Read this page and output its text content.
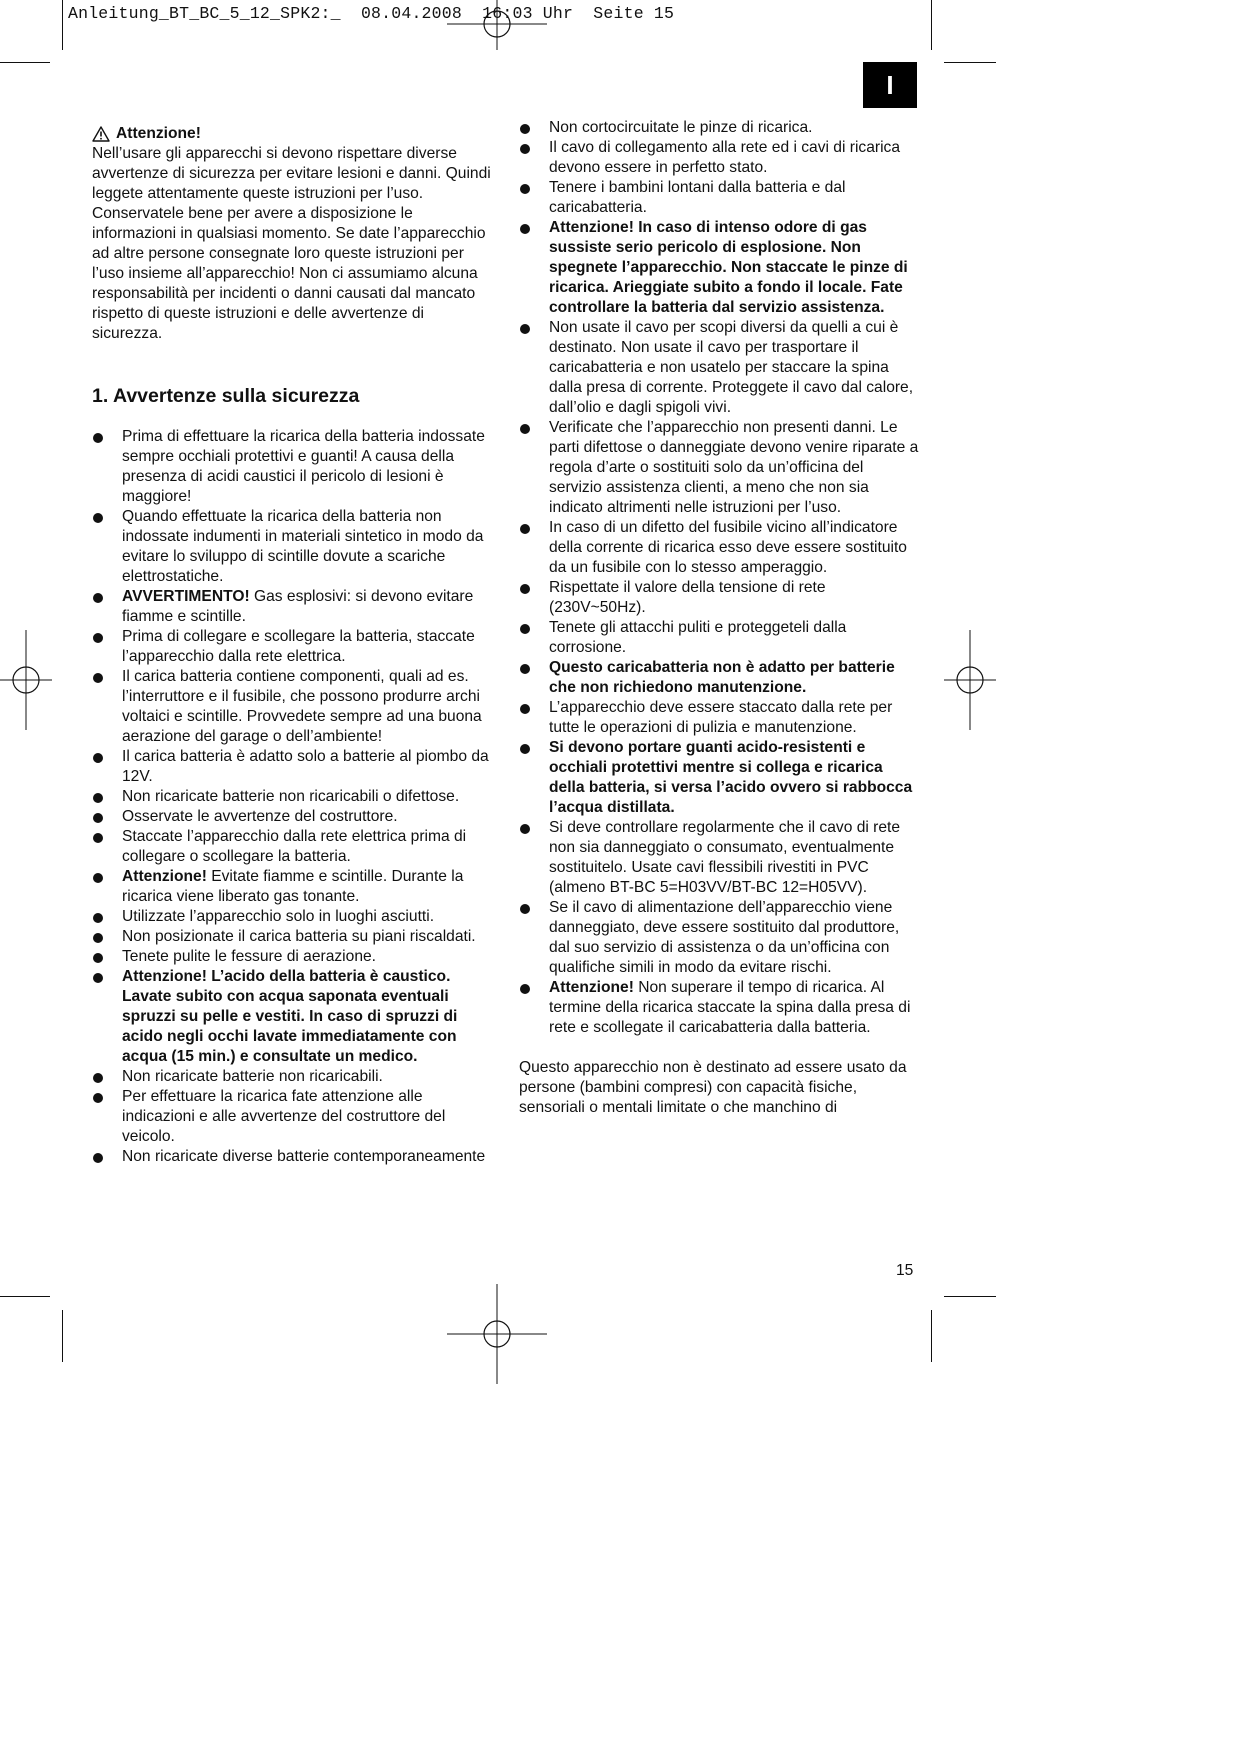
Anleitung_BT_BC_5_12_SPK2:_  08.04.2008  16:03 Uhr  Seite 15
I
Attenzione!
Nell’usare gli apparecchi si devono rispettare diverse avvertenze di sicurezza per evitare lesioni e danni. Quindi leggete attentamente queste istruzioni per l’uso. Conservatele bene per avere a disposizione le informazioni in qualsiasi momento. Se date l’apparecchio ad altre persone consegnate loro queste istruzioni per l’uso insieme all’apparecchio! Non ci assumiamo alcuna responsabilità per incidenti o danni causati dal mancato rispetto di queste istruzioni e delle avvertenze di sicurezza.
1. Avvertenze sulla sicurezza
Prima di effettuare la ricarica della batteria indossate sempre occhiali protettivi e guanti! A causa della presenza di acidi caustici il pericolo di lesioni è maggiore!
Quando effettuate la ricarica della batteria non indossate indumenti in materiali sintetico in modo da evitare lo sviluppo di scintille dovute a scariche elettrostatiche.
AVVERTIMENTO! Gas esplosivi: si devono evitare fiamme e scintille.
Prima di collegare e scollegare la batteria, staccate l’apparecchio dalla rete elettrica.
Il carica batteria contiene componenti, quali ad es. l’interruttore e il fusibile, che possono produrre archi voltaici e scintille. Provvedete sempre ad una buona aerazione del garage o dell’ambiente!
Il carica batteria è adatto solo a batterie al piombo da 12V.
Non ricaricate batterie non ricaricabili o difettose.
Osservate le avvertenze del costruttore.
Staccate l’apparecchio dalla rete elettrica prima di collegare o scollegare la batteria.
Attenzione! Evitate fiamme e scintille. Durante la ricarica viene liberato gas tonante.
Utilizzate l’apparecchio solo in luoghi asciutti.
Non posizionate il carica batteria su piani riscaldati.
Tenete pulite le fessure di aerazione.
Attenzione! L’acido della batteria è caustico. Lavate subito con acqua saponata eventuali spruzzi su pelle e vestiti. In caso di spruzzi di acido negli occhi lavate immediatamente con acqua (15 min.) e consultate un medico.
Non ricaricate batterie non ricaricabili.
Per effettuare la ricarica fate attenzione alle indicazioni e alle avvertenze del costruttore del veicolo.
Non ricaricate diverse batterie contemporaneamente
Non cortocircuitate le pinze di ricarica.
Il cavo di collegamento alla rete ed i cavi di ricarica devono essere in perfetto stato.
Tenere i bambini lontani dalla batteria e dal caricabatteria.
Attenzione! In caso di intenso odore di gas sussiste serio pericolo di esplosione. Non spegnete l’apparecchio. Non staccate le pinze di ricarica. Arieggiate subito a fondo il locale. Fate controllare la batteria dal servizio assistenza.
Non usate il cavo per scopi diversi da quelli a cui è destinato. Non usate il cavo per trasportare il caricabatteria e non usatelo per staccare la spina dalla presa di corrente. Proteggete il cavo dal calore, dall’olio e dagli spigoli vivi.
Verificate che l’apparecchio non presenti danni. Le parti difettose o danneggiate devono venire riparate a regola d’arte o sostituiti solo da un’officina del servizio assistenza clienti, a meno che non sia indicato altrimenti nelle istruzioni per l’uso.
In caso di un difetto del fusibile vicino all’indicatore della corrente di ricarica esso deve essere sostituito da un fusibile con lo stesso amperaggio.
Rispettate il valore della tensione di rete (230V~50Hz).
Tenete gli attacchi puliti e proteggeteli dalla corrosione.
Questo caricabatteria non è adatto per batterie che non richiedono manutenzione.
L’apparecchio deve essere staccato dalla rete per tutte le operazioni di pulizia e manutenzione.
Si devono portare guanti acido-resistenti e occhiali protettivi mentre si collega e ricarica della batteria, si versa l’acido ovvero si rabbocca l’acqua distillata.
Si deve controllare regolarmente che il cavo di rete non sia danneggiato o consumato, eventualmente sostituitelo. Usate cavi flessibili rivestiti in PVC
(almeno BT-BC 5=H03VV/BT-BC 12=H05VV).
Se il cavo di alimentazione dell’apparecchio viene danneggiato, deve essere sostituito dal produttore, dal suo servizio di assistenza o da un’officina con qualifiche simili in modo da evitare rischi.
Attenzione! Non superare il tempo di ricarica. Al termine della ricarica staccate la spina dalla presa di rete e scollegate il caricabatteria dalla batteria.
Questo apparecchio non è destinato ad essere usato da persone (bambini compresi) con capacità fisiche, sensoriali o mentali limitate o che manchino di
15
